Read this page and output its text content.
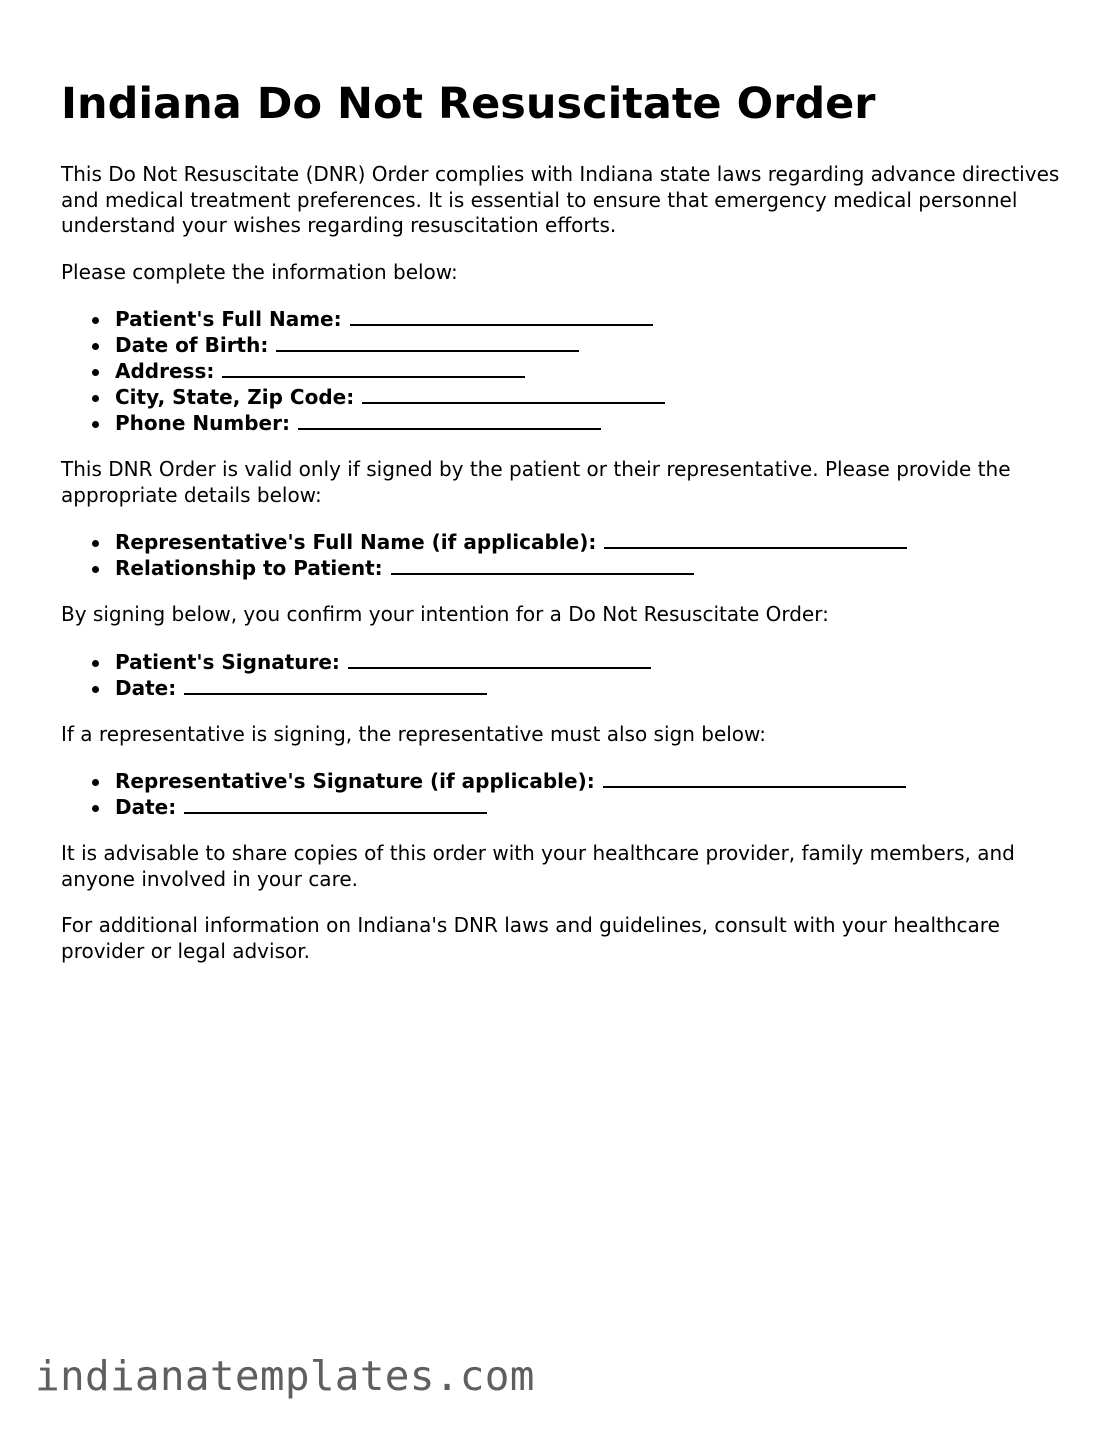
Indiana Do Not Resuscitate Order

This Do Not Resuscitate (DNR) Order complies with Indiana state laws regarding advance directives and medical treatment preferences. It is essential to ensure that emergency medical personnel understand your wishes regarding resuscitation efforts.

Please complete the information below:

Patient's Full Name:
Date of Birth:
Address:
City, State, Zip Code:
Phone Number:

This DNR Order is valid only if signed by the patient or their representative. Please provide the appropriate details below:

Representative's Full Name (if applicable):
Relationship to Patient:

By signing below, you confirm your intention for a Do Not Resuscitate Order:

Patient's Signature:
Date:

If a representative is signing, the representative must also sign below:

Representative's Signature (if applicable):
Date:

It is advisable to share copies of this order with your healthcare provider, family members, and anyone involved in your care.

For additional information on Indiana's DNR laws and guidelines, consult with your healthcare provider or legal advisor.

indianatemplates.com
